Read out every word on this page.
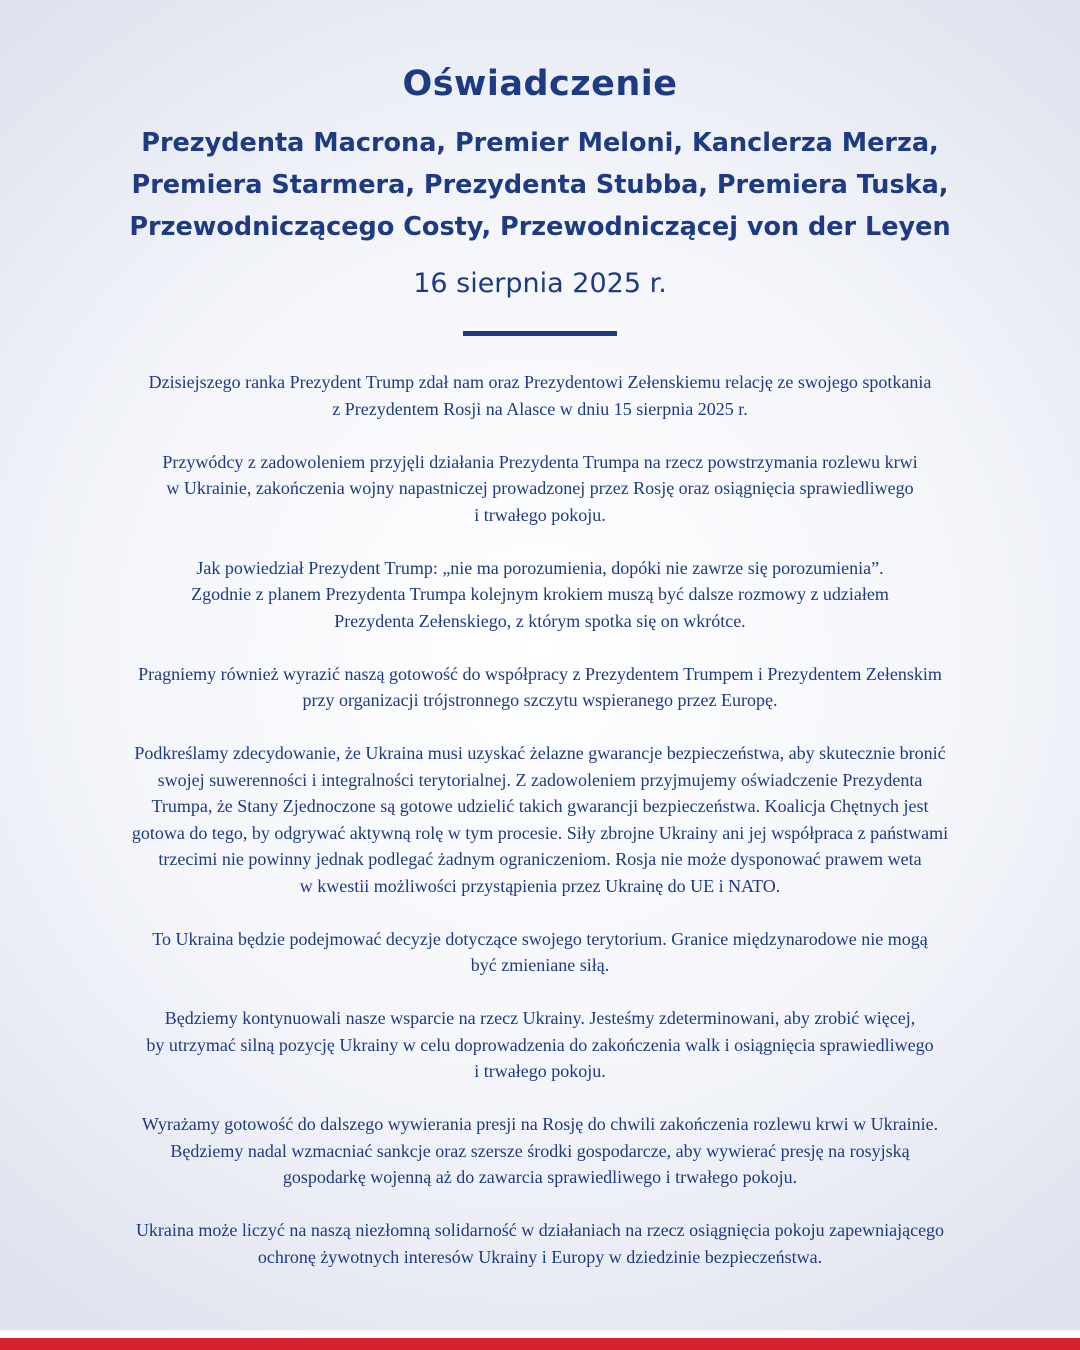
Oświadczenie
Prezydenta Macrona, Premier Meloni, Kanclerza Merza,
Premiera Starmera, Prezydenta Stubba, Premiera Tuska,
Przewodniczącego Costy, Przewodniczącej von der Leyen
16 sierpnia 2025 r.

Dzisiejszego ranka Prezydent Trump zdał nam oraz Prezydentowi Zełenskiemu relację ze swojego spotkania
z Prezydentem Rosji na Alasce w dniu 15 sierpnia 2025 r.

Przywódcy z zadowoleniem przyjęli działania Prezydenta Trumpa na rzecz powstrzymania rozlewu krwi
w Ukrainie, zakończenia wojny napastniczej prowadzonej przez Rosję oraz osiągnięcia sprawiedliwego
i trwałego pokoju.

Jak powiedział Prezydent Trump: „nie ma porozumienia, dopóki nie zawrze się porozumienia”.
Zgodnie z planem Prezydenta Trumpa kolejnym krokiem muszą być dalsze rozmowy z udziałem
Prezydenta Zełenskiego, z którym spotka się on wkrótce.

Pragniemy również wyrazić naszą gotowość do współpracy z Prezydentem Trumpem i Prezydentem Zełenskim
przy organizacji trójstronnego szczytu wspieranego przez Europę.

Podkreślamy zdecydowanie, że Ukraina musi uzyskać żelazne gwarancje bezpieczeństwa, aby skutecznie bronić
swojej suwerenności i integralności terytorialnej. Z zadowoleniem przyjmujemy oświadczenie Prezydenta
Trumpa, że Stany Zjednoczone są gotowe udzielić takich gwarancji bezpieczeństwa. Koalicja Chętnych jest
gotowa do tego, by odgrywać aktywną rolę w tym procesie. Siły zbrojne Ukrainy ani jej współpraca z państwami
trzecimi nie powinny jednak podlegać żadnym ograniczeniom. Rosja nie może dysponować prawem weta
w kwestii możliwości przystąpienia przez Ukrainę do UE i NATO.

To Ukraina będzie podejmować decyzje dotyczące swojego terytorium. Granice międzynarodowe nie mogą
być zmieniane siłą.

Będziemy kontynuowali nasze wsparcie na rzecz Ukrainy. Jesteśmy zdeterminowani, aby zrobić więcej,
by utrzymać silną pozycję Ukrainy w celu doprowadzenia do zakończenia walk i osiągnięcia sprawiedliwego
i trwałego pokoju.

Wyrażamy gotowość do dalszego wywierania presji na Rosję do chwili zakończenia rozlewu krwi w Ukrainie.
Będziemy nadal wzmacniać sankcje oraz szersze środki gospodarcze, aby wywierać presję na rosyjską
gospodarkę wojenną aż do zawarcia sprawiedliwego i trwałego pokoju.

Ukraina może liczyć na naszą niezłomną solidarność w działaniach na rzecz osiągnięcia pokoju zapewniającego
ochronę żywotnych interesów Ukrainy i Europy w dziedzinie bezpieczeństwa.
